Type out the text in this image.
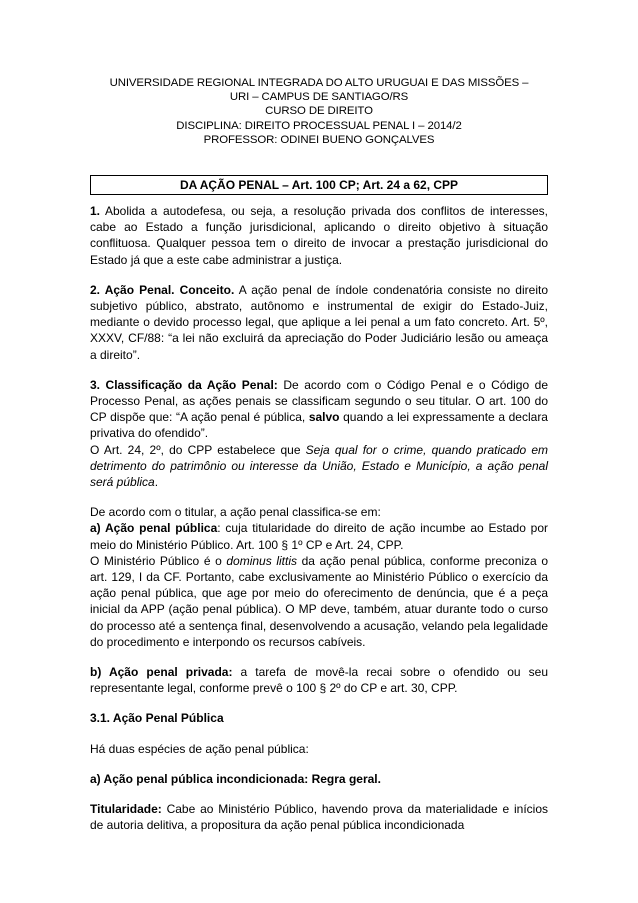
UNIVERSIDADE REGIONAL INTEGRADA DO ALTO URUGUAI E DAS MISSÕES –
URI – CAMPUS DE SANTIAGO/RS
CURSO DE DIREITO
DISCIPLINA: DIREITO PROCESSUAL PENAL I – 2014/2
PROFESSOR: ODINEI BUENO GONÇALVES
DA AÇÃO PENAL – Art. 100 CP; Art. 24 a 62, CPP

1. Abolida a autodefesa, ou seja, a resolução privada dos conflitos de interesses, cabe ao Estado a função jurisdicional, aplicando o direito objetivo à situação conflituosa. Qualquer pessoa tem o direito de invocar a prestação jurisdicional do Estado já que a este cabe administrar a justiça.

2. Ação Penal. Conceito. A ação penal de índole condenatória consiste no direito subjetivo público, abstrato, autônomo e instrumental de exigir do Estado-Juiz, mediante o devido processo legal, que aplique a lei penal a um fato concreto. Art. 5º, XXXV, CF/88: “a lei não excluirá da apreciação do Poder Judiciário lesão ou ameaça a direito”.

3. Classificação da Ação Penal: De acordo com o Código Penal e o Código de Processo Penal, as ações penais se classificam segundo o seu titular. O art. 100 do CP dispõe que: “A ação penal é pública, salvo quando a lei expressamente a declara privativa do ofendido”.
O Art. 24, 2º, do CPP estabelece que Seja qual for o crime, quando praticado em detrimento do patrimônio ou interesse da União, Estado e Município, a ação penal será pública.

De acordo com o titular, a ação penal classifica-se em:
a) Ação penal pública: cuja titularidade do direito de ação incumbe ao Estado por meio do Ministério Público. Art. 100 § 1º CP e Art. 24, CPP.
O Ministério Público é o dominus littis da ação penal pública, conforme preconiza o art. 129, I da CF. Portanto, cabe exclusivamente ao Ministério Público o exercício da ação penal pública, que age por meio do oferecimento de denúncia, que é a peça inicial da APP (ação penal pública). O MP deve, também, atuar durante todo o curso do processo até a sentença final, desenvolvendo a acusação, velando pela legalidade do procedimento e interpondo os recursos cabíveis.

b) Ação penal privada: a tarefa de movê-la recai sobre o ofendido ou seu representante legal, conforme prevê o 100 § 2º do CP e art. 30, CPP.

3.1. Ação Penal Pública

Há duas espécies de ação penal pública:

a) Ação penal pública incondicionada: Regra geral.

Titularidade: Cabe ao Ministério Público, havendo prova da materialidade e inícios de autoria delitiva, a propositura da ação penal pública incondicionada
